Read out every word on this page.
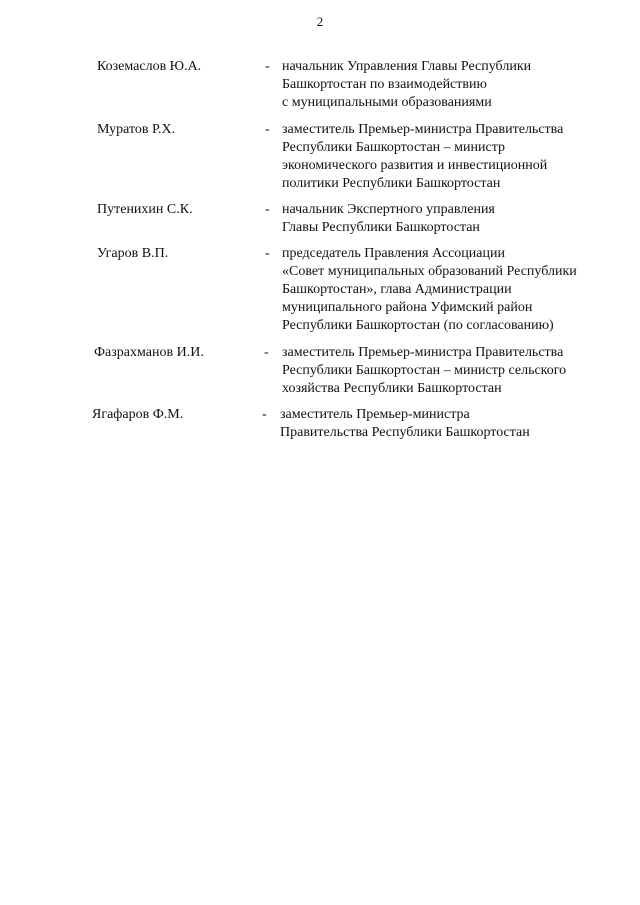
2
Коземаслов Ю.А.	- начальник Управления Главы Республики
Башкортостан по взаимодействию
с муниципальными образованиями
Муратов Р.Х.	- заместитель Премьер-министра Правительства
Республики Башкортостан – министр
экономического развития и инвестиционной
политики Республики Башкортостан
Путенихин С.К.	- начальник Экспертного управления
Главы Республики Башкортостан
Угаров В.П.	- председатель Правления Ассоциации
«Совет муниципальных образований Республики
Башкортостан», глава Администрации
муниципального района Уфимский район
Республики Башкортостан (по согласованию)
Фазрахманов И.И.	- заместитель Премьер-министра Правительства
Республики Башкортостан – министр сельского
хозяйства Республики Башкортостан
Ягафаров Ф.М.	- заместитель Премьер-министра
Правительства Республики Башкортостан
